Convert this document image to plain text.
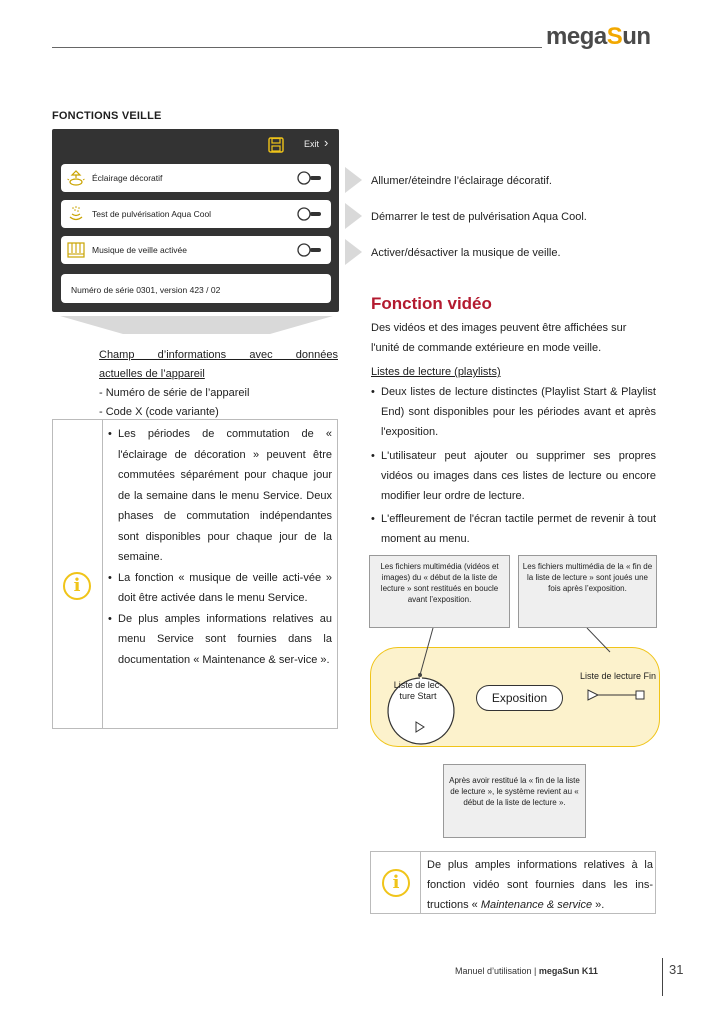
megaSun
FONCTIONS VEILLE
Exit ›
Éclairage décoratif
Test de pulvérisation Aqua Cool
Musique de veille activée
Numéro de série 0301, version 423 / 02
Allumer/éteindre l’éclairage décoratif.
Démarrer le test de pulvérisation Aqua Cool.
Activer/désactiver la musique de veille.
Champ d’informations avec données
actuelles de l’appareil
- Numéro de série de l’appareil
- Code X (code variante)
i
• Les périodes de commutation de « l'éclairage de décoration » peuvent être commutées séparément pour chaque jour de la semaine dans le menu Service. Deux phases de commutation indépendantes sont disponibles pour chaque jour de la semaine.
• La fonction « musique de veille acti-vée » doit être activée dans le menu Service.
• De plus amples informations relatives au menu Service sont fournies dans la documentation « Maintenance & ser-vice ».
Fonction vidéo
Des vidéos et des images peuvent être affichées sur l'unité de commande extérieure en mode veille.
Listes de lecture (playlists)
• Deux listes de lecture distinctes (Playlist Start & Playlist End) sont disponibles pour les périodes avant et après l'exposition.
• L'utilisateur peut ajouter ou supprimer ses propres vidéos ou images dans ces listes de lecture ou encore modifier leur ordre de lecture.
• L'effleurement de l'écran tactile permet de revenir à tout moment au menu.
Les fichiers multimédia (vidéos et images) du « début de la liste de lecture » sont restitués en boucle avant l’exposition.
Les fichiers multimédia de la « fin de la liste de lecture » sont joués une fois après l’exposition.
Liste de lec-ture Start	Exposition
Liste de lecture Fin
Après avoir restitué la « fin de la liste de lecture », le système revient au « début de la liste de lecture ».
i
De plus amples informations relatives à la fonction vidéo sont fournies dans les ins-tructions « Maintenance & service ».
Manuel d’utilisation | megaSun K11	31
